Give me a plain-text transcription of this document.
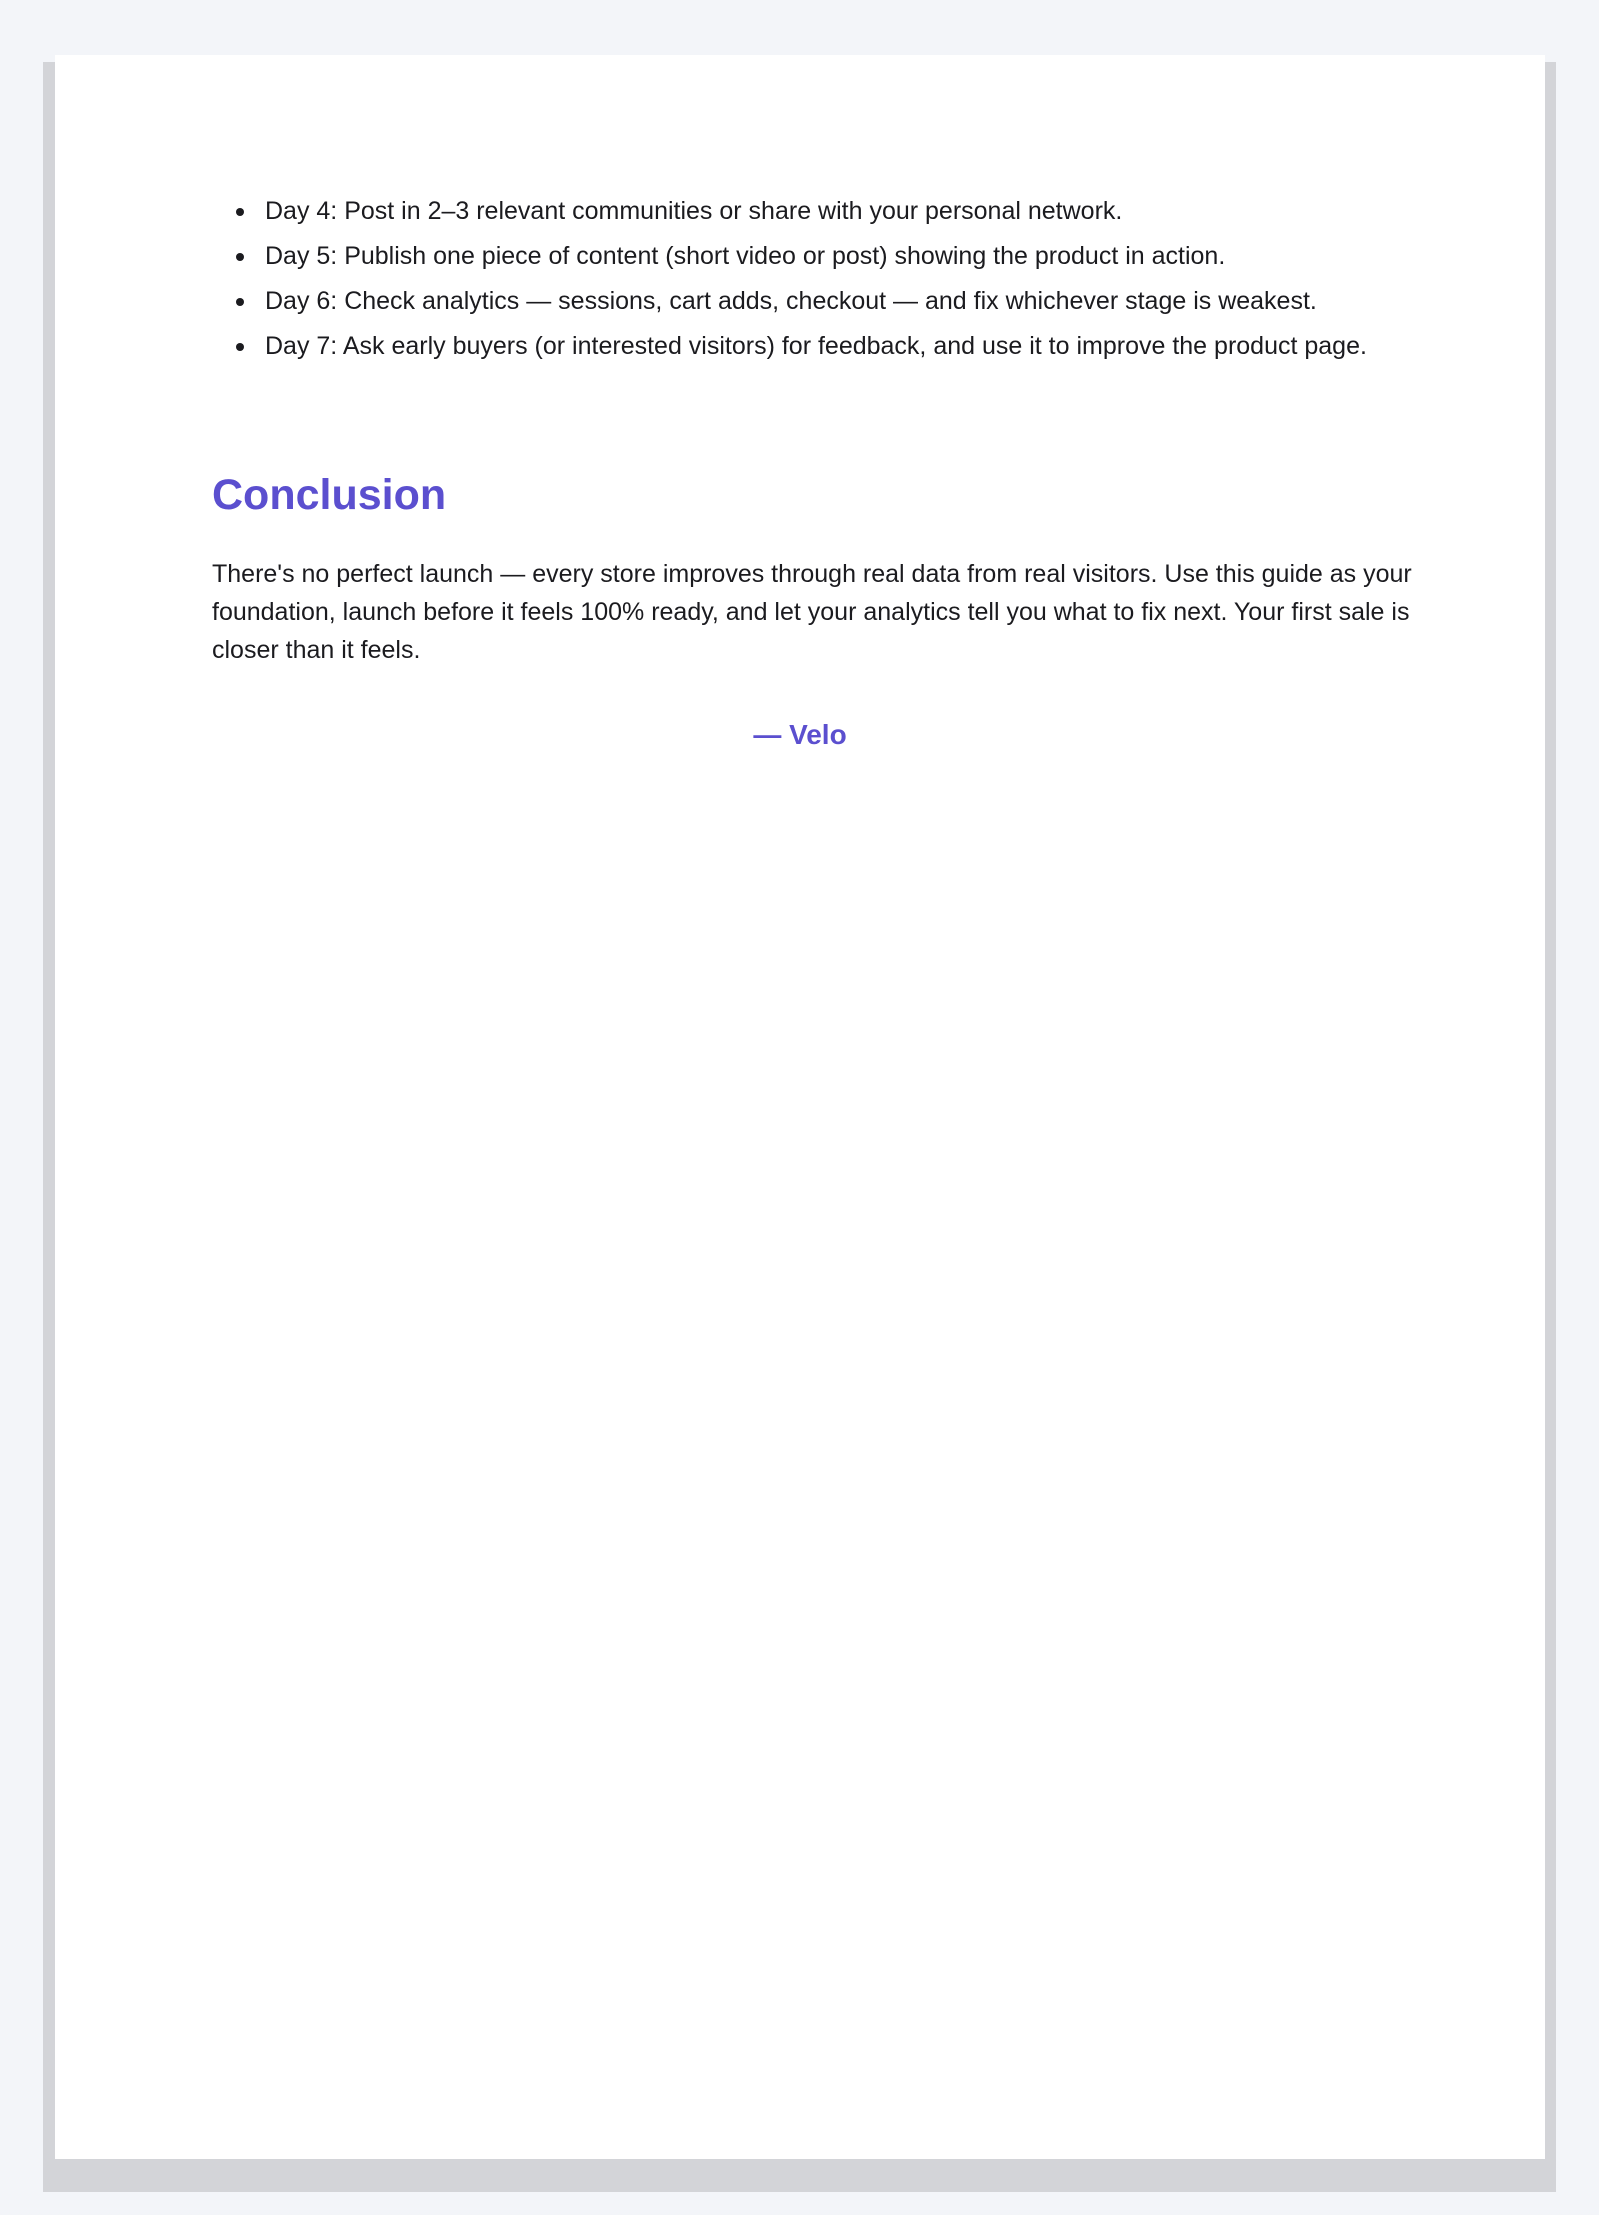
Day 4: Post in 2–3 relevant communities or share with your personal network.
Day 5: Publish one piece of content (short video or post) showing the product in action.
Day 6: Check analytics — sessions, cart adds, checkout — and fix whichever stage is weakest.
Day 7: Ask early buyers (or interested visitors) for feedback, and use it to improve the product page.
Conclusion

There's no perfect launch — every store improves through real data from real visitors. Use this guide as your foundation, launch before it feels 100% ready, and let your analytics tell you what to fix next. Your first sale is closer than it feels.

— Velo
